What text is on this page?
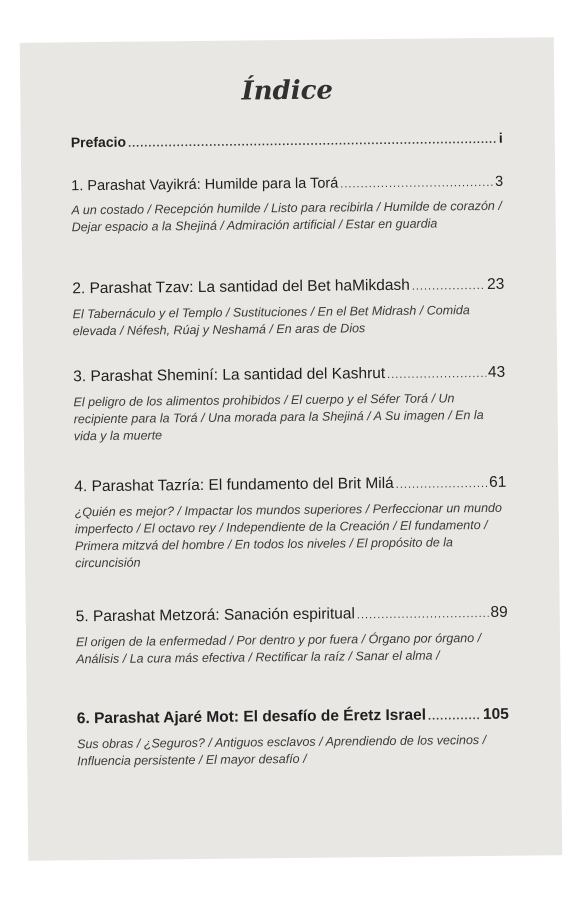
Índice
Prefacio .....	i
1. Parashat Vayikrá: Humilde para la Torá .....	3
A un costado / Recepción humilde / Listo para recibirla / Humilde de corazón / Dejar espacio a la Shejiná / Admiración artificial / Estar en guardia
2. Parashat Tzav: La santidad del Bet haMikdash .....	23
El Tabernáculo y el Templo / Sustituciones / En el Bet Midrash / Comida elevada / Néfesh, Rúaj y Neshamá / En aras de Dios
3. Parashat Sheminí: La santidad del Kashrut .....	43
El peligro de los alimentos prohibidos / El cuerpo y el Séfer Torá / Un recipiente para la Torá / Una morada para la Shejiná / A Su imagen / En la vida y la muerte
4. Parashat Tazría: El fundamento del Brit Milá .....	61
¿Quién es mejor? / Impactar los mundos superiores / Perfeccionar un mundo imperfecto / El octavo rey / Independiente de la Creación / El fundamento / Primera mitzvá del hombre / En todos los niveles / El propósito de la circuncisión
5. Parashat Metzorá: Sanación espiritual .....	89
El origen de la enfermedad / Por dentro y por fuera / Órgano por órgano / Análisis / La cura más efectiva / Rectificar la raíz / Sanar el alma /
6. Parashat Ajaré Mot: El desafío de Éretz Israel .....	105
Sus obras / ¿Seguros? / Antiguos esclavos / Aprendiendo de los vecinos / Influencia persistente / El mayor desafío /
